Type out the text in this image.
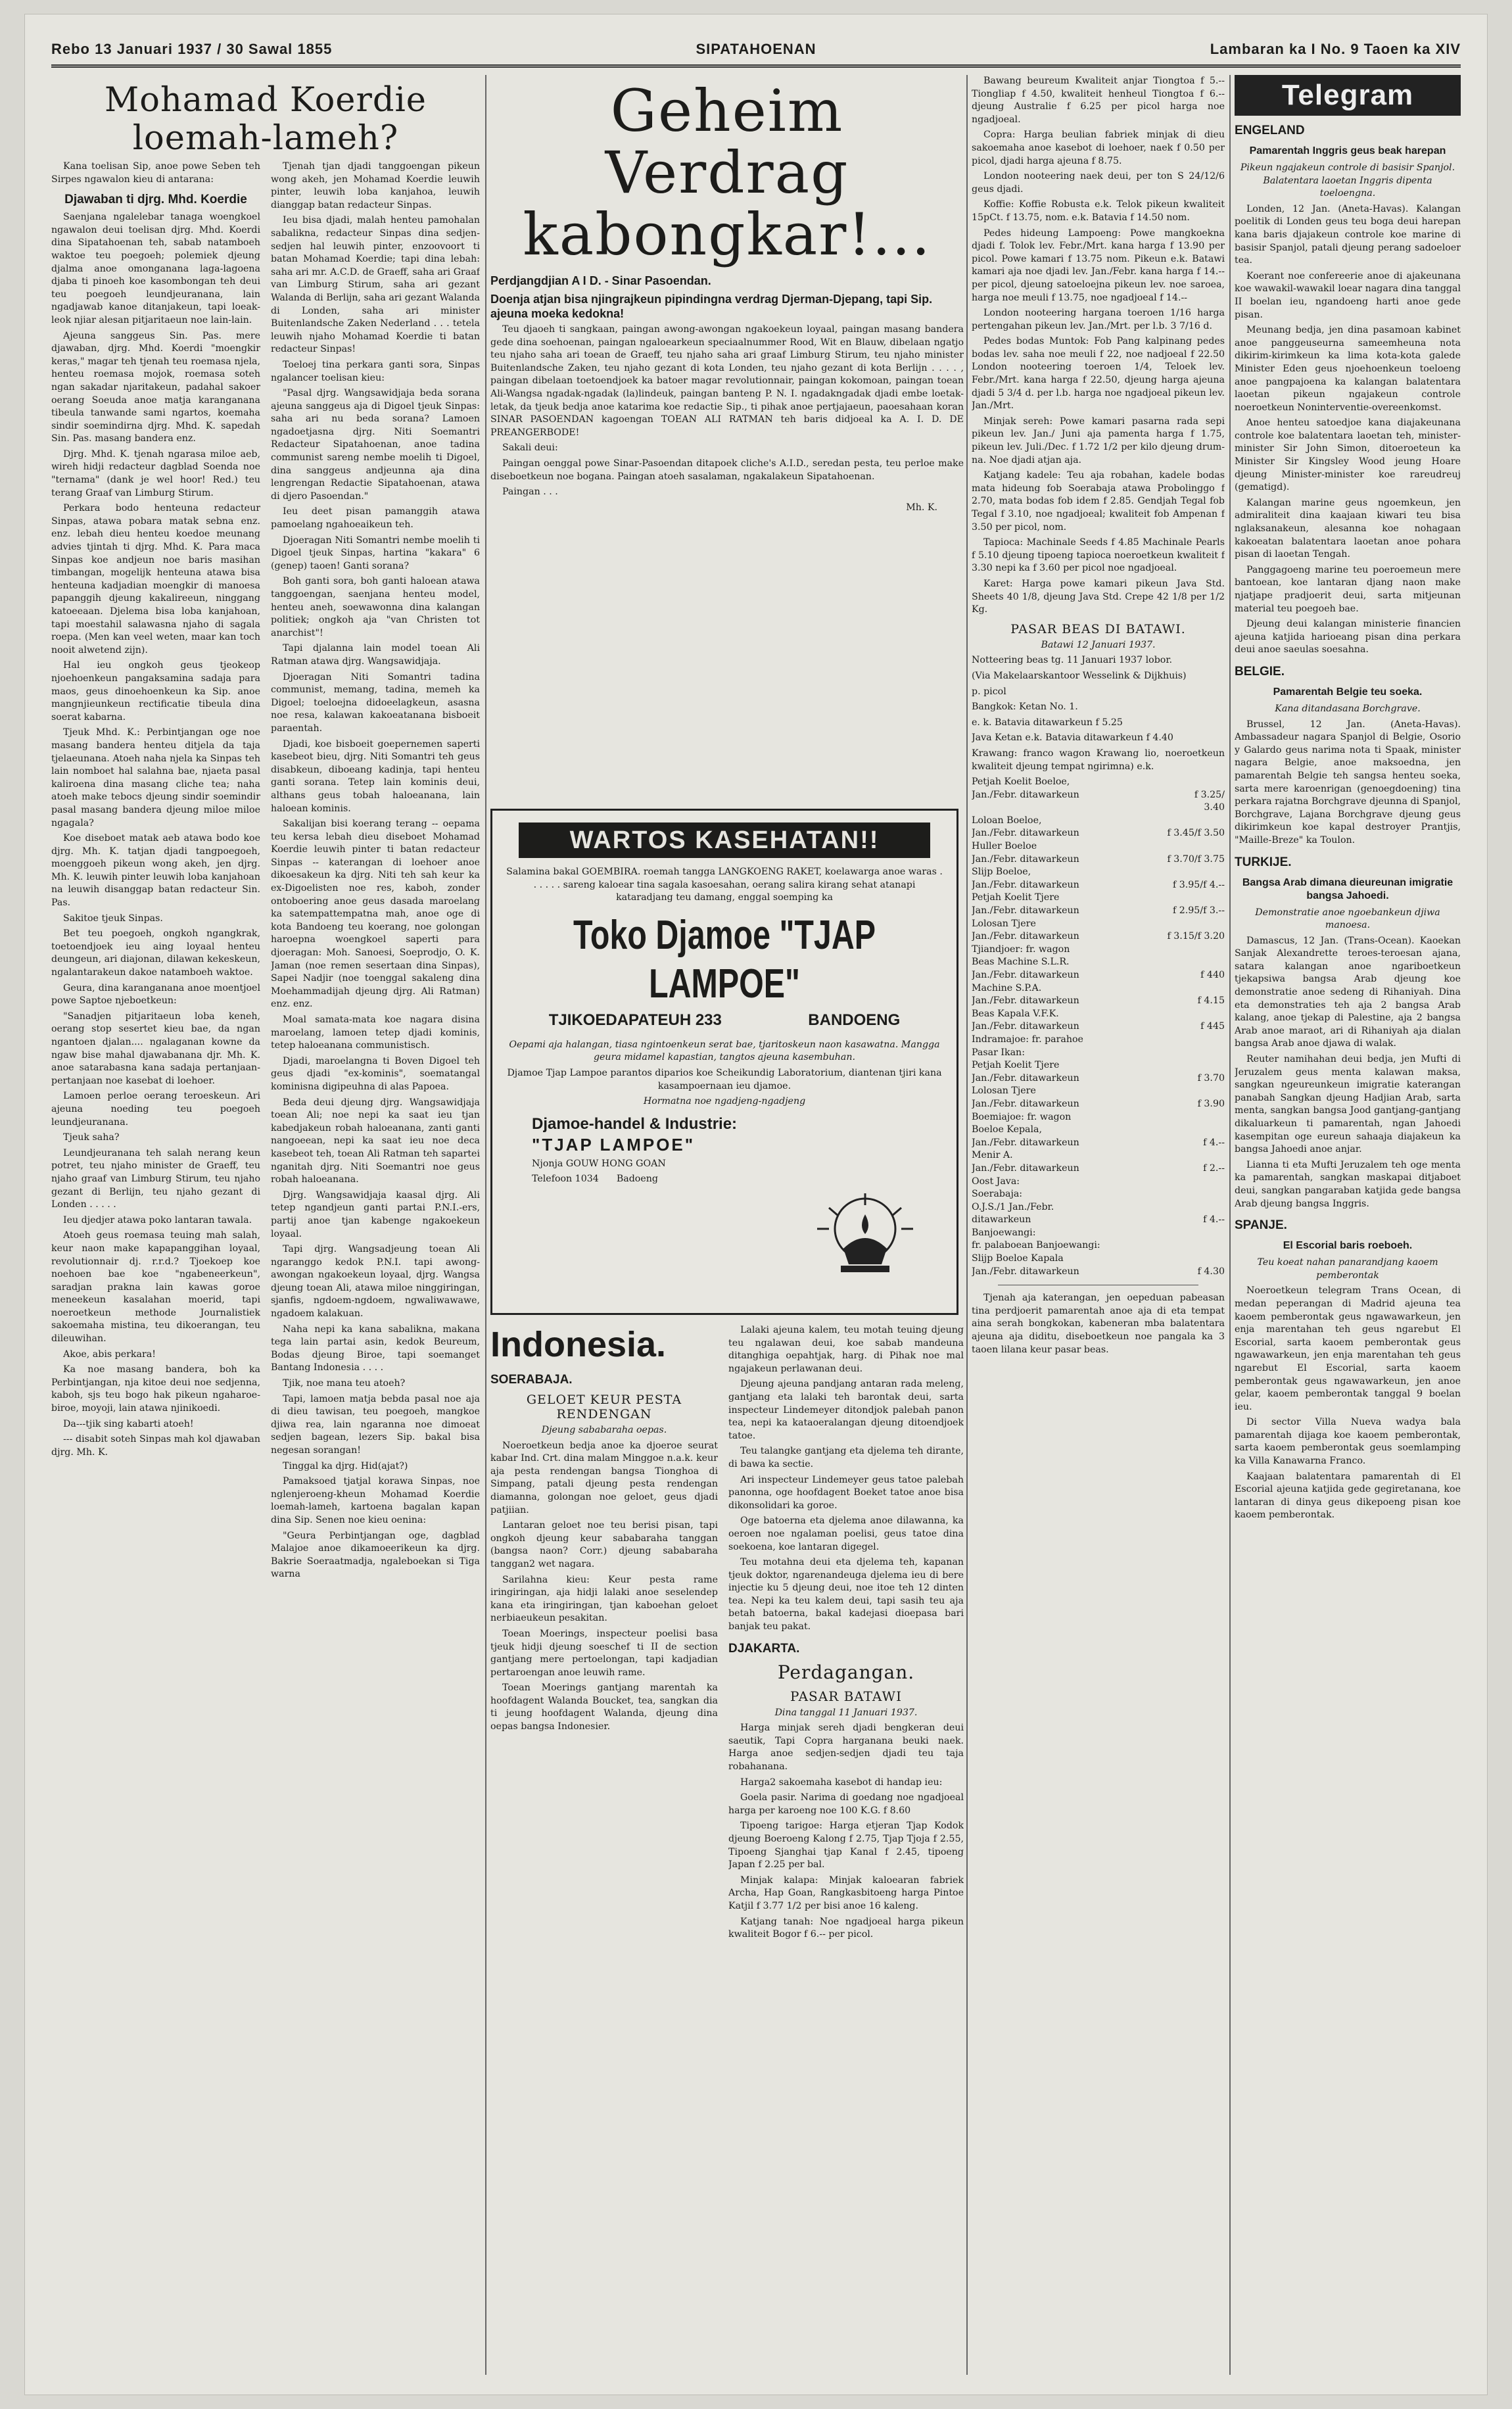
Rebo 13 Januari 1937 / 30 Sawal 1855	SIPATAHOENAN	Lambaran ka I No. 9 Taoen ka XIV
Mohamad Koerdie loemah-lameh?

Kana toelisan Sip, anoe powe Seben teh Sirpes ngawalon kieu di antarana:

Djawaban ti djrg. Mhd. Koerdie

Saenjana ngalelebar tanaga woengkoel ngawalon deui toelisan djrg. Mhd. Koerdi dina Sipatahoenan teh, sabab natamboeh waktoe teu poegoeh; polemiek djeung djalma anoe omonganana laga-lagoena djaba ti pinoeh koe kasombongan teh deui teu poegoeh leundjeuranana, lain ngadjawab kanoe ditanjakeun, tapi loeak-leok njiar alesan pitjaritaeun noe lain-lain.

Ajeuna sanggeus Sin. Pas. mere djawaban, djrg. Mhd. Koerdi "moengkir keras," magar teh tjenah teu roemasa njela, henteu roemasa mojok, roemasa soteh ngan sakadar njaritakeun, padahal sakoer oerang Soeuda anoe matja karanganana tibeula tanwande sami ngartos, koemaha sindir soemindirna djrg. Mhd. K. sapedah Sin. Pas. masang bandera enz.

Djrg. Mhd. K. tjenah ngarasa miloe aeb, wireh hidji redacteur dagblad Soenda noe "ternama" (dank je wel hoor! Red.) teu terang Graaf van Limburg Stirum.

Perkara bodo henteuna redacteur Sinpas, atawa pobara matak sebna enz. enz. lebah dieu henteu koedoe meunang advies tjintah ti djrg. Mhd. K. Para maca Sinpas koe andjeun noe baris masihan timbangan, mogelijk henteuna atawa bisa henteuna kadjadian moengkir di manoesa papanggih djeung kakalireeun, ninggang katoeeaan. Djelema bisa loba kanjahoan, tapi moestahil salawasna njaho di sagala roepa. (Men kan veel weten, maar kan toch nooit alwetend zijn).

Hal ieu ongkoh geus tjeokeop njoehoenkeun pangaksamina sadaja para maos, geus dinoehoenkeun ka Sip. anoe mangnjieunkeun rectificatie tibeula dina soerat kabarna.

Tjeuk Mhd. K.: Perbintjangan oge noe masang bandera henteu ditjela da taja tjelaeunana. Atoeh naha njela ka Sinpas teh lain nomboet hal salahna bae, njaeta pasal kaliroena dina masang cliche tea; naha atoeh make tebocs djeung sindir soemindir pasal masang bandera djeung miloe miloe ngagala?

Koe diseboet matak aeb atawa bodo koe djrg. Mh. K. tatjan djadi tangpoegoeh, moenggoeh pikeun wong akeh, jen djrg. Mh. K. leuwih pinter leuwih loba kanjahoan na leuwih disanggap batan redacteur Sin. Pas.

Sakitoe tjeuk Sinpas.

Bet teu poegoeh, ongkoh ngangkrak, toetoendjoek ieu aing loyaal henteu deungeun, ari diajonan, dilawan kekeskeun, ngalantarakeun dakoe natamboeh waktoe.

Geura, dina karanganana anoe moentjoel powe Saptoe njeboetkeun:

"Sanadjen pitjaritaeun loba keneh, oerang stop sesertet kieu bae, da ngan ngantoen djalan.... ngalaganan kowne da ngaw bise mahal djawabanana djr. Mh. K. anoe satarabasna kana sadaja pertanjaan-pertanjaan noe kasebat di loehoer.

Lamoen perloe oerang teroeskeun. Ari ajeuna noeding teu poegoeh leundjeuranana.

Tjeuk saha?

Leundjeuranana teh salah nerang keun potret, teu njaho minister de Graeff, teu njaho graaf van Limburg Stirum, teu njaho gezant di Berlijn, teu njaho gezant di Londen . . . . .

Ieu djedjer atawa poko lantaran tawala.

Atoeh geus roemasa teuing mah salah, keur naon make kapapanggihan loyaal, revolutionnair dj. r.r.d.? Tjoekoep koe noehoen bae koe "ngabeneerkeun", saradjan prakna lain kawas goroe meneekeun kasalahan moerid, tapi noeroetkeun methode Journalistiek sakoemaha mistina, teu dikoerangan, teu dileuwihan.

Akoe, abis perkara!

Ka noe masang bandera, boh ka Perbintjangan, nja kitoe deui noe sedjenna, kaboh, sjs teu bogo hak pikeun ngaharoe-biroe, moyoji, lain atawa njinikoedi.

Da---tjik sing kabarti atoeh!

--- disabit soteh Sinpas mah kol djawaban djrg. Mh. K.

Tjenah tjan djadi tanggoengan pikeun wong akeh, jen Mohamad Koerdie leuwih pinter, leuwih loba kanjahoa, leuwih dianggap batan redacteur Sinpas.

Ieu bisa djadi, malah henteu pamohalan sabalikna, redacteur Sinpas dina sedjen-sedjen hal leuwih pinter, enzoovoort ti batan Mohamad Koerdie; tapi dina lebah: saha ari mr. A.C.D. de Graeff, saha ari Graaf van Limburg Stirum, saha ari gezant Walanda di Berlijn, saha ari gezant Walanda di Londen, saha ari minister Buitenlandsche Zaken Nederland . . . tetela leuwih njaho Mohamad Koerdie ti batan redacteur Sinpas!

Toeloej tina perkara ganti sora, Sinpas ngalancer toelisan kieu:

"Pasal djrg. Wangsawidjaja beda sorana ajeuna sanggeus aja di Digoel tjeuk Sinpas: saha ari nu beda sorana? Lamoen ngadoetjasna djrg. Niti Soemantri Redacteur Sipatahoenan, anoe tadina communist sareng nembe moelih ti Digoel, dina sanggeus andjeunna aja dina lengrengan Redactie Sipatahoenan, atawa di djero Pasoendan."

Ieu deet pisan pamanggih atawa pamoelang ngahoeaikeun teh.

Djoeragan Niti Somantri nembe moelih ti Digoel tjeuk Sinpas, hartina "kakara" 6 (genep) taoen! Ganti sorana?

Boh ganti sora, boh ganti haloean atawa tanggoengan, saenjana henteu model, henteu aneh, soewawonna dina kalangan politiek; ongkoh aja "van Christen tot anarchist"!

Tapi djalanna lain model toean Ali Ratman atawa djrg. Wangsawidjaja.

Djoeragan Niti Somantri tadina communist, memang, tadina, memeh ka Digoel; toeloejna didoeelagkeun, asasna noe resa, kalawan kakoeatanana bisboeit paraentah.

Djadi, koe bisboeit goepernemen saperti kasebeot bieu, djrg. Niti Somantri teh geus disabkeun, diboeang kadinja, tapi henteu ganti sorana. Tetep lain kominis deui, althans geus tobah haloeanana, lain haloean kominis.

Sakalijan bisi koerang terang -- oepama teu kersa lebah dieu diseboet Mohamad Koerdie leuwih pinter ti batan redacteur Sinpas -- katerangan di loehoer anoe dikoesakeun ka djrg. Niti teh sah keur ka ex-Digoelisten noe res, kaboh, zonder ontoboering anoe geus dasada maroelang ka satempattempatna mah, anoe oge di kota Bandoeng teu koerang, noe golongan haroepna woengkoel saperti para djoeragan: Moh. Sanoesi, Soeprodjo, O. K. Jaman (noe remen sesertaan dina Sinpas), Sapei Nadjir (noe toenggal sakaleng dina Moehammadijah djeung djrg. Ali Ratman) enz. enz.

Moal samata-mata koe nagara disina maroelang, lamoen tetep djadi kominis, tetep haloeanana communistisch.

Djadi, maroelangna ti Boven Digoel teh geus djadi "ex-kominis", soematangal kominisna digipeuhna di alas Papoea.

Beda deui djeung djrg. Wangsawidjaja toean Ali; noe nepi ka saat ieu tjan kabedjakeun robah haloeanana, zanti ganti nangoeean, nepi ka saat ieu noe deca kasebeot teh, toean Ali Ratman teh sapartei nganitah djrg. Niti Soemantri noe geus robah haloeanana.

Djrg. Wangsawidjaja kaasal djrg. Ali tetep ngandjeun ganti partai P.N.I.-ers, partij anoe tjan kabenge ngakoekeun loyaal.

Tapi djrg. Wangsadjeung toean Ali ngaranggo kedok P.N.I. tapi awong-awongan ngakoekeun loyaal, djrg. Wangsa djeung toean Ali, atawa miloe ninggiringan, sjanfis, ngdoem-ngdoem, ngwaliwawawe, ngadoem kalakuan.

Naha nepi ka kana sabalikna, makana tega lain partai asin, kedok Beureum, Bodas djeung Biroe, tapi soemanget Bantang Indonesia . . . .

Tjik, noe mana teu atoeh?

Tapi, lamoen matja bebda pasal noe aja di dieu tawisan, teu poegoeh, mangkoe djiwa rea, lain ngaranna noe dimoeat sedjen bagean, lezers Sip. bakal bisa negesan sorangan!

Tinggal ka djrg. Hid(ajat?)

Pamaksoed tjatjal korawa Sinpas, noe nglenjeroeng-kheun Mohamad Koerdie loemah-lameh, kartoena bagalan kapan dina Sip. Senen noe kieu oenina:

"Geura Perbintjangan oge, dagblad Malajoe anoe dikamoeerikeun ka djrg. Bakrie Soeraatmadja, ngaleboekan si Tiga warna

Geheim Verdrag kabongkar!...
Perdjangdjian A I D. - Sinar Pasoendan.
Doenja atjan bisa njingrajkeun pipindingna verdrag Djerman-Djepang, tapi Sip. ajeuna moeka kedokna!

Teu djaoeh ti sangkaan, paingan awong-awongan ngakoekeun loyaal, paingan masang bandera gede dina soehoenan, paingan ngaloearkeun speciaalnummer Rood, Wit en Blauw, dibelaan ngatjo teu njaho saha ari toean de Graeff, teu njaho saha ari graaf Limburg Stirum, teu njaho minister Buitenlandsche Zaken, teu njaho gezant di kota Londen, teu njaho gezant di kota Berlijn . . . . , paingan dibelaan toetoendjoek ka batoer magar revolutionnair, paingan kokomoan, paingan toean Ali-Wangsa ngadak-ngadak (la)lindeuk, paingan banteng P. N. I. ngadakngadak djadi embe loetak-letak, da tjeuk bedja anoe katarima koe redactie Sip., ti pihak anoe pertjajaeun, paoesahaan koran SINAR PASOENDAN kagoengan TOEAN ALI RATMAN teh baris didjoeal ka A. I. D. DE PREANGERBODE!

Sakali deui:

Paingan oenggal powe Sinar-Pasoendan ditapoek cliche's A.I.D., seredan pesta, teu perloe make diseboetkeun noe bogana. Paingan atoeh sasalaman, ngakalakeun Sipatahoenan.

Paingan . . .

Mh. K.

WARTOS KASEHATAN!!

Salamina bakal GOEMBIRA. roemah tangga LANGKOENG RAKET, koelawarga anoe waras . . . . . . sareng kaloear tina sagala kasoesahan, oerang salira kirang sehat atanapi kataradjang teu damang, enggal soemping ka

Toko Djamoe "TJAP LAMPOE"
TJIKOEDAPATEUH 233	BANDOENG

Oepami aja halangan, tiasa ngintoenkeun serat bae, tjaritoskeun naon kasawatna. Mangga geura midamel kapastian, tangtos ajeuna kasembuhan.

Djamoe Tjap Lampoe parantos diparios koe Scheikundig Laboratorium, diantenan tjiri kana kasampoernaan ieu djamoe.

Hormatna noe ngadjeng-ngadjeng

Djamoe-handel & Industrie:
"TJAP LAMPOE"

Njonja GOUW HONG GOAN

Telefoon 1034 Badoeng

Indonesia.
SOERABAJA.
GELOET KEUR PESTA RENDENGAN

Djeung sababaraha oepas.

Noeroetkeun bedja anoe ka djoeroe seurat kabar Ind. Crt. dina malam Minggoe n.a.k. keur aja pesta rendengan bangsa Tionghoa di Simpang, patali djeung pesta rendengan diamanna, golongan noe geloet, geus djadi patjiian.

Lantaran geloet noe teu berisi pisan, tapi ongkoh djeung keur sababaraha tanggan (bangsa naon? Corr.) djeung sababaraha tanggan2 wet nagara.

Sarilahna kieu: Keur pesta rame iringiringan, aja hidji lalaki anoe seselendep kana eta iringiringan, tjan kaboehan geloet nerbiaeukeun pesakitan.

Toean Moerings, inspecteur poelisi basa tjeuk hidji djeung soeschef ti II de section gantjang mere pertoelongan, tapi kadjadian pertaroengan anoe leuwih rame.

Toean Moerings gantjang marentah ka hoofdagent Walanda Boucket, tea, sangkan dia ti jeung hoofdagent Walanda, djeung dina oepas bangsa Indonesier.

Lalaki ajeuna kalem, teu motah teuing djeung teu ngalawan deui, koe sabab mandeuna ditanghiga oepahtjak, harg. di Pihak noe mal ngajakeun perlawanan deui.

Djeung ajeuna pandjang antaran rada meleng, gantjang eta lalaki teh barontak deui, sarta inspecteur Lindemeyer ditondjok palebah panon tea, nepi ka kataoeralangan djeung ditoendjoek tatoe.

Teu talangke gantjang eta djelema teh dirante, di bawa ka sectie.

Ari inspecteur Lindemeyer geus tatoe palebah panonna, oge hoofdagent Boeket tatoe anoe bisa dikonsolidari ka goroe.

Oge batoerna eta djelema anoe dilawanna, ka oeroen noe ngalaman poelisi, geus tatoe dina soekoena, koe lantaran digegel.

Teu motahna deui eta djelema teh, kapanan tjeuk doktor, ngarenandeuga djelema ieu di bere injectie ku 5 djeung deui, noe itoe teh 12 dinten tea. Nepi ka teu kalem deui, tapi sasih teu aja betah batoerna, bakal kadejasi dioepasa bari banjak teu pakat.

DJAKARTA.
Perdagangan.
PASAR BATAWI

Dina tanggal 11 Januari 1937.

Harga minjak sereh djadi bengkeran deui saeutik, Tapi Copra harganana beuki naek. Harga anoe sedjen-sedjen djadi teu taja robahanana.

Harga2 sakoemaha kasebot di handap ieu:

Goela pasir. Narima di goedang noe ngadjoeal harga per karoeng noe 100 K.G. f 8.60

Tipoeng tarigoe: Harga etjeran Tjap Kodok djeung Boeroeng Kalong f 2.75, Tjap Tjoja f 2.55, Tipoeng Sjanghai tjap Kanal f 2.45, tipoeng Japan f 2.25 per bal.

Minjak kalapa: Minjak kaloearan fabriek Archa, Hap Goan, Rangkasbitoeng harga Pintoe Katjil f 3.77 1/2 per bisi anoe 16 kaleng.

Katjang tanah: Noe ngadjoeal harga pikeun kwaliteit Bogor f 6.-- per picol.

Bawang beureum Kwaliteit anjar Tiongtoa f 5.-- Tiongliap f 4.50, kwaliteit henheul Tiongtoa f 6.-- djeung Australie f 6.25 per picol harga noe ngadjoeal.

Copra: Harga beulian fabriek minjak di dieu sakoemaha anoe kasebot di loehoer, naek f 0.50 per picol, djadi harga ajeuna f 8.75.

London nooteering naek deui, per ton S 24/12/6 geus djadi.

Koffie: Koffie Robusta e.k. Telok pikeun kwaliteit 15pCt. f 13.75, nom. e.k. Batavia f 14.50 nom.

Pedes hideung Lampoeng: Powe mangkoekna djadi f. Tolok lev. Febr./Mrt. kana harga f 13.90 per picol. Powe kamari f 13.75 nom. Pikeun e.k. Batawi kamari aja noe djadi lev. Jan./Febr. kana harga f 14.-- per picol, djeung satoeloejna pikeun lev. noe saroea, harga noe meuli f 13.75, noe ngadjoeal f 14.--

London nooteering hargana toeroen 1/16 harga pertengahan pikeun lev. Jan./Mrt. per l.b. 3 7/16 d.

Pedes bodas Muntok: Fob Pang kalpinang pedes bodas lev. saha noe meuli f 22, noe nadjoeal f 22.50 London nooteering toeroen 1/4, Teloek lev. Febr./Mrt. kana harga f 22.50, djeung harga ajeuna djadi 5 3/4 d. per l.b. harga noe ngadjoeal pikeun lev. Jan./Mrt.

Minjak sereh: Powe kamari pasarna rada sepi pikeun lev. Jan./ Juni aja pamenta harga f 1.75, pikeun lev. Juli./Dec. f 1.72 1/2 per kilo djeung drum-na. Noe djadi atjan aja.

Katjang kadele: Teu aja robahan, kadele bodas mata hideung fob Soerabaja atawa Probolinggo f 2.70, mata bodas fob idem f 2.85. Gendjah Tegal fob Tegal f 3.10, noe ngadjoeal; kwaliteit fob Ampenan f 3.50 per picol, nom.

Tapioca: Machinale Seeds f 4.85 Machinale Pearls f 5.10 djeung tipoeng tapioca noeroetkeun kwaliteit f 3.30 nepi ka f 3.60 per picol noe ngadjoeal.

Karet: Harga powe kamari pikeun Java Std. Sheets 40 1/8, djeung Java Std. Crepe 42 1/8 per 1/2 Kg.

PASAR BEAS DI BATAWI.

Batawi 12 Januari 1937.

Notteering beas tg. 11 Januari 1937 lobor.

(Via Makelaarskantoor Wesselink & Dijkhuis)

p. picol

Bangkok: Ketan No. 1.

e. k. Batavia ditawarkeun f 5.25

Java Ketan e.k. Batavia ditawarkeun f 4.40

Krawang: franco wagon Krawang lio, noeroetkeun kwaliteit djeung tempat ngirimna) e.k.

Petjah Koelit Boeloe,
Jan./Febr. ditawarkeun	f 3.25/
3.40
Loloan Boeloe,
Jan./Febr. ditawarkeun	f 3.45/f 3.50
Huller Boeloe
Jan./Febr. ditawarkeun	f 3.70/f 3.75
Slijp Boeloe,
Jan./Febr. ditawarkeun	f 3.95/f 4.--
Petjah Koelit Tjere
Jan./Febr. ditawarkeun	f 2.95/f 3.--
Lolosan Tjere
Jan./Febr. ditawarkeun	f 3.15/f 3.20
Tjiandjoer: fr. wagon
Beas Machine S.L.R.
Jan./Febr. ditawarkeun	f 440
Machine S.P.A.
Jan./Febr. ditawarkeun	f 4.15
Beas Kapala V.F.K.
Jan./Febr. ditawarkeun	f 445
Indramajoe: fr. parahoe
Pasar Ikan:
Petjah Koelit Tjere
Jan./Febr. ditawarkeun	f 3.70
Lolosan Tjere
Jan./Febr. ditawarkeun	f 3.90
Boemiajoe: fr. wagon
Boeloe Kepala,
Jan./Febr. ditawarkeun	f 4.--
Menir A.
Jan./Febr. ditawarkeun	f 2.--
Oost Java:
Soerabaja:
O.J.S./1 Jan./Febr.
ditawarkeun	f 4.--
Banjoewangi:
fr. palaboean Banjoewangi:
Slijp Boeloe Kapala
Jan./Febr. ditawarkeun	f 4.30

Tjenah aja katerangan, jen oepeduan pabeasan tina perdjoerit pamarentah anoe aja di eta tempat aina serah bongkokan, kabeneran mba balatentara ajeuna aja diditu, diseboetkeun noe pangala ka 3 taoen lilana keur pasar beas.

Telegram
ENGELAND
Pamarentah Inggris geus beak harepan

Pikeun ngajakeun controle di basisir Spanjol. Balatentara laoetan Inggris dipenta toeloengna.

Londen, 12 Jan. (Aneta-Havas). Kalangan poelitik di Londen geus teu boga deui harepan kana baris djajakeun controle koe marine di basisir Spanjol, patali djeung perang sadoeloer tea.

Koerant noe confereerie anoe di ajakeunana koe wawakil-wawakil loear nagara dina tanggal II boelan ieu, ngandoeng harti anoe gede pisan.

Meunang bedja, jen dina pasamoan kabinet anoe panggeuseurna sameemheuna nota dikirim-kirimkeun ka lima kota-kota galede Minister Eden geus njoehoenkeun toeloeng anoe pangpajoena ka kalangan balatentara laoetan pikeun ngajakeun controle noeroetkeun Noninterventie-overeenkomst.

Anoe henteu satoedjoe kana diajakeunana controle koe balatentara laoetan teh, minister-minister Sir John Simon, ditoeroeteun ka Minister Sir Kingsley Wood jeung Hoare djeung Minister-minister koe rareudreuj (gematigd).

Kalangan marine geus ngoemkeun, jen admiraliteit dina kaajaan kiwari teu bisa nglaksanakeun, alesanna koe nohagaan kakoeatan balatentara laoetan anoe pohara pisan di laoetan Tengah.

Panggagoeng marine teu poeroemeun mere bantoean, koe lantaran djang naon make njatjape pradjoerit deui, sarta mitjeunan material teu poegoeh bae.

Djeung deui kalangan ministerie financien ajeuna katjida harioeang pisan dina perkara deui anoe saeulas soesahna.

BELGIE.
Pamarentah Belgie teu soeka.

Kana ditandasana Borchgrave.

Brussel, 12 Jan. (Aneta-Havas). Ambassadeur nagara Spanjol di Belgie, Osorio y Galardo geus narima nota ti Spaak, minister nagara Belgie, anoe maksoedna, jen pamarentah Belgie teh sangsa henteu soeka, sarta mere karoenrigan (genoegdoening) tina perkara rajatna Borchgrave djeunna di Spanjol, Borchgrave, Lajana Borchgrave djeung geus dikirimkeun koe kapal destroyer Prantjis, "Maille-Breze" ka Toulon.

TURKIJE.
Bangsa Arab dimana dieureunan imigratie bangsa Jahoedi.

Demonstratie anoe ngoebankeun djiwa manoesa.

Damascus, 12 Jan. (Trans-Ocean). Kaoekan Sanjak Alexandrette teroes-teroesan ajana, satara kalangan anoe ngariboetkeun tjekapsiwa bangsa Arab djeung koe demonstratie anoe sedeng di Rihaniyah. Dina eta demonstraties teh aja 2 bangsa Arab kalang, anoe tjekap di Palestine, aja 2 bangsa Arab anoe maraot, ari di Rihaniyah aja dialan bangsa Arab anoe djawa di walak.

Reuter namihahan deui bedja, jen Mufti di Jeruzalem geus menta kalawan maksa, sangkan ngeureunkeun imigratie katerangan panabah Sangkan djeung Hadjian Arab, sarta menta, sangkan bangsa Jood gantjang-gantjang dikaluarkeun ti pamarentah, ngan Jahoedi kasempitan oge eureun sahaaja diajakeun ka bangsa Jahoedi anoe anjar.

Lianna ti eta Mufti Jeruzalem teh oge menta ka pamarentah, sangkan maskapai ditjaboet deui, sangkan pangaraban katjida gede bangsa Arab djeung bangsa Inggris.

SPANJE.
El Escorial baris roeboeh.

Teu koeat nahan panarandjang kaoem pemberontak

Noeroetkeun telegram Trans Ocean, di medan peperangan di Madrid ajeuna tea kaoem pemberontak geus ngawawarkeun, jen enja marentahan teh geus ngarebut El Escorial, sarta kaoem pemberontak geus ngawawarkeun, jen enja marentahan teh geus ngarebut El Escorial, sarta kaoem pemberontak geus ngawawarkeun, jen anoe gelar, kaoem pemberontak tanggal 9 boelan ieu.

Di sector Villa Nueva wadya bala pamarentah dijaga koe kaoem pemberontak, sarta kaoem pemberontak geus soemlamping ka Villa Kanawarna Franco.

Kaajaan balatentara pamarentah di El Escorial ajeuna katjida gede gegiretanana, koe lantaran di dinya geus dikepoeng pisan koe kaoem pemberontak.
